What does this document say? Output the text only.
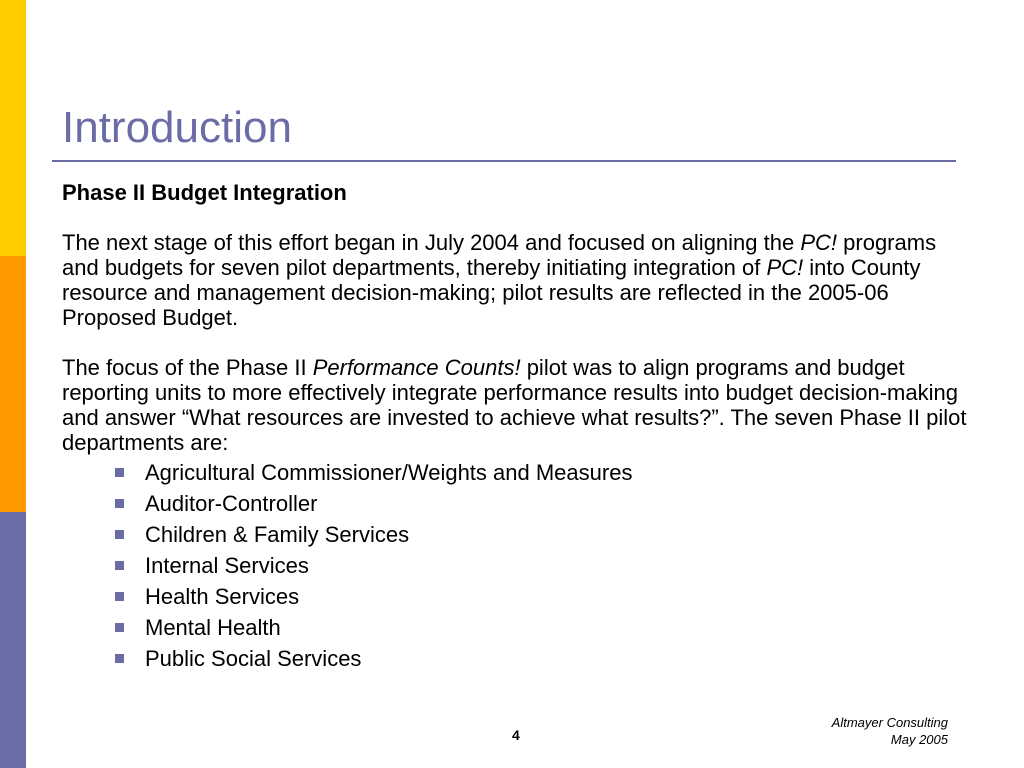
Introduction
Phase II Budget Integration

The next stage of this effort began in July 2004 and focused on aligning the PC! programs and budgets for seven pilot departments, thereby initiating integration of PC! into County resource and management decision-making; pilot results are reflected in the 2005-06 Proposed Budget.

The focus of the Phase II Performance Counts! pilot was to align programs and budget reporting units to more effectively integrate performance results into budget decision-making and answer “What resources are invested to achieve what results?”. The seven Phase II pilot departments are:

Agricultural Commissioner/Weights and Measures
Auditor-Controller
Children & Family Services
Internal Services
Health Services
Mental Health
Public Social Services
4
Altmayer Consulting
May 2005
